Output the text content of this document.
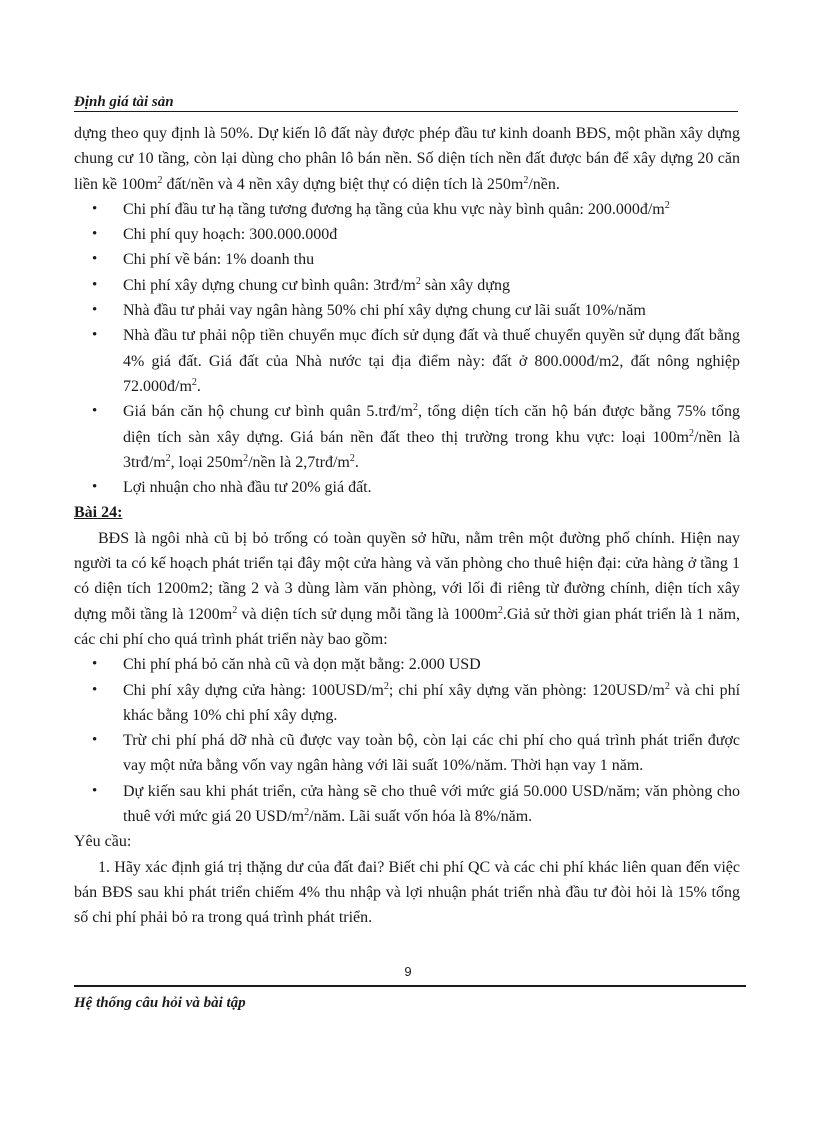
Định giá tài sản

dựng theo quy định là 50%. Dự kiến lô đất này được phép đầu tư kinh doanh BĐS, một phần xây dựng chung cư 10 tầng, còn lại dùng cho phân lô bán nền. Số diện tích nền đất được bán để xây dựng 20 căn liền kề $100m^2$ đất/nền và 4 nền xây dựng biệt thự có diện tích là $250m^2$/nền.

• Chi phí đầu tư hạ tầng tương đương hạ tầng của khu vực này bình quân: $200.000đ/m^2$
• Chi phí quy hoạch: 300.000.000đ
• Chi phí về bán: 1% doanh thu
• Chi phí xây dựng chung cư bình quân: $3trđ/m^2$ sàn xây dựng
• Nhà đầu tư phải vay ngân hàng 50% chi phí xây dựng chung cư lãi suất 10%/năm
• Nhà đầu tư phải nộp tiền chuyển mục đích sử dụng đất và thuế chuyển quyền sử dụng đất bằng 4% giá đất. Giá đất của Nhà nước tại địa điểm này: đất ở 800.000đ/m2, đất nông nghiệp $72.000đ/m^2$.
• Giá bán căn hộ chung cư bình quân $5.trđ/m^2$, tổng diện tích căn hộ bán được bằng 75% tổng diện tích sàn xây dựng. Giá bán nền đất theo thị trường trong khu vực: loại $100m^2$/nền là $3trđ/m^2$, loại $250m^2$/nền là $2,7trđ/m^2$.
• Lợi nhuận cho nhà đầu tư 20% giá đất.

Bài 24:

BĐS là ngôi nhà cũ bị bỏ trống có toàn quyền sở hữu, nằm trên một đường phố chính. Hiện nay người ta có kế hoạch phát triển tại đây một cửa hàng và văn phòng cho thuê hiện đại: cửa hàng ở tầng 1 có diện tích 1200m2; tầng 2 và 3 dùng làm văn phòng, với lối đi riêng từ đường chính, diện tích xây dựng mỗi tầng là $1200m^2$ và diện tích sử dụng mỗi tầng là $1000m^2.Giả$ sử thời gian phát triển là 1 năm, các chi phí cho quá trình phát triển này bao gồm:

• Chi phí phá bỏ căn nhà cũ và dọn mặt bằng: 2.000 USD
• Chi phí xây dựng cửa hàng: $100USD/m^2$; chi phí xây dựng văn phòng: $120USD/m^2$ và chi phí khác bằng 10% chi phí xây dựng.
• Trừ chi phí phá dỡ nhà cũ được vay toàn bộ, còn lại các chi phí cho quá trình phát triển được vay một nửa bằng vốn vay ngân hàng với lãi suất 10%/năm. Thời hạn vay 1 năm.
• Dự kiến sau khi phát triển, cửa hàng sẽ cho thuê với mức giá 50.000 USD/năm; văn phòng cho thuê với mức giá 20 USD/$m^2$/năm. Lãi suất vốn hóa là 8%/năm.

Yêu cầu:

1. Hãy xác định giá trị thặng dư của đất đai? Biết chi phí QC và các chi phí khác liên quan đến việc bán BĐS sau khi phát triển chiếm 4% thu nhập và lợi nhuận phát triển nhà đầu tư đòi hỏi là 15% tổng số chi phí phải bỏ ra trong quá trình phát triển.

9
Hệ thống câu hỏi và bài tập
